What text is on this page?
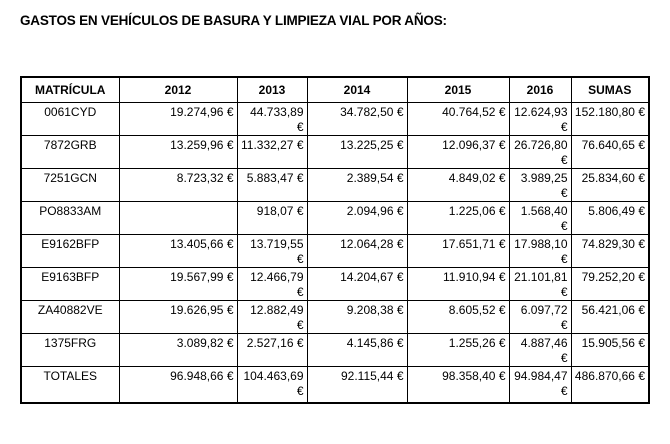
GASTOS EN VEHÍCULOS DE BASURA Y LIMPIEZA VIAL POR AÑOS:
MATRÍCULA	2012	2013	2014	2015	2016	SUMAS
0061CYD	19.274,96 €	44.733,89 €	34.782,50 €	40.764,52 €	12.624,93 €	152.180,80 €
7872GRB	13.259,96 €	11.332,27 €	13.225,25 €	12.096,37 €	26.726,80 €	76.640,65 €
7251GCN	8.723,32 €	5.883,47 €	2.389,54 €	4.849,02 €	3.989,25 €	25.834,60 €
PO8833AM		918,07 €	2.094,96 €	1.225,06 €	1.568,40 €	5.806,49 €
E9162BFP	13.405,66 €	13.719,55 €	12.064,28 €	17.651,71 €	17.988,10 €	74.829,30 €
E9163BFP	19.567,99 €	12.466,79 €	14.204,67 €	11.910,94 €	21.101,81 €	79.252,20 €
ZA40882VE	19.626,95 €	12.882,49 €	9.208,38 €	8.605,52 €	6.097,72 €	56.421,06 €
1375FRG	3.089,82 €	2.527,16 €	4.145,86 €	1.255,26 €	4.887,46 €	15.905,56 €
TOTALES	96.948,66 €	104.463,69 €	92.115,44 €	98.358,40 €	94.984,47 €	486.870,66 €
